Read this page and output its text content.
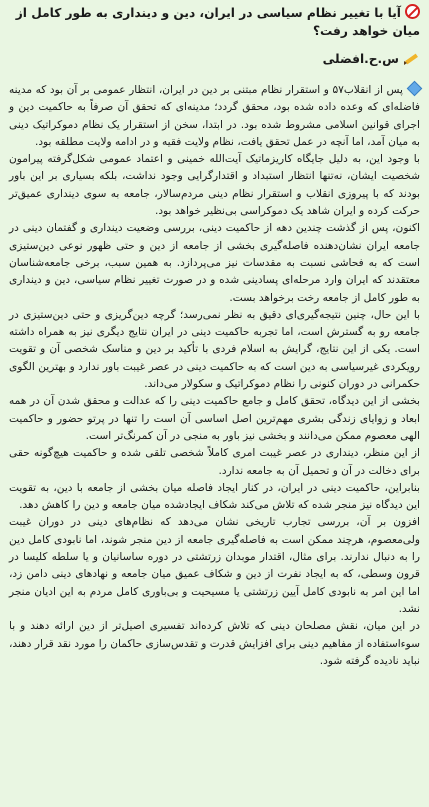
آیا با تغییر نظام سیاسی در ایران، دین و دینداری به طور کامل از میان خواهد رفت؟
س.ح.افضلی

پس از انقلاب۵۷ و استقرار نظام مبتنی بر دین در ایران، انتظار عمومی بر آن بود که مدینه فاضله‌ای که وعده داده شده بود، محقق گردد؛ مدینه‌ای که تحقق آن صرفاً به حاکمیت دین و اجرای قوانین اسلامی مشروط شده بود. در ابتدا، سخن از استقرار یک نظام دموکراتیک دینی به میان آمد، اما آنچه در عمل تحقق یافت، نظام ولایت فقیه و در ادامه ولایت مطلقه بود.

با وجود این، به دلیل جایگاه کاریزماتیک آیت‌الله خمینی و اعتماد عمومی شکل‌گرفته پیرامون شخصیت ایشان، نه‌تنها انتظار استبداد و اقتدارگرایی وجود نداشت، بلکه بسیاری بر این باور بودند که با پیروزی انقلاب و استقرار نظام دینی مردم‌سالار، جامعه به سوی دینداری عمیق‌تر حرکت کرده و ایران شاهد یک دموکراسی بی‌نظیر خواهد بود.

اکنون، پس از گذشت چندین دهه از حاکمیت دینی، بررسی وضعیت دینداری و گفتمان دینی در جامعه ایران نشان‌دهنده فاصله‌گیری بخشی از جامعه از دین و حتی ظهور نوعی دین‌ستیزی است که به فحاشی نسبت به مقدسات نیز می‌پردازد. به همین سبب، برخی جامعه‌شناسان معتقدند که ایران وارد مرحله‌ای پسادینی شده و در صورت تغییر نظام سیاسی، دین و دینداری به طور کامل از جامعه رخت برخواهد بست.

با این حال، چنین نتیجه‌گیری‌ای دقیق به نظر نمی‌رسد؛ گرچه دین‌گریزی و حتی دین‌ستیزی در جامعه رو به گسترش است، اما تجربه حاکمیت دینی در ایران نتایج دیگری نیز به همراه داشته است. یکی از این نتایج، گرایش به اسلام فردی با تأکید بر دین و مناسک شخصی آن و تقویت رویکردی غیرسیاسی به دین است که به حاکمیت دینی در عصر غیبت باور ندارد و بهترین الگوی حکمرانی در دوران کنونی را نظام دموکراتیک و سکولار می‌داند.

بخشی از این دیدگاه، تحقق کامل و جامع حاکمیت دینی را که عدالت و محقق شدن آن در همه ابعاد و زوایای زندگی بشری مهم‌ترین اصل اساسی آن است را تنها در پرتو حضور و حاکمیت الهی معصوم ممکن می‌دانند و بخشی نیز باور به منجی در آن کمرنگ‌تر است.

از این منظر، دینداری در عصر غیبت امری کاملاً شخصی تلقی شده و حاکمیت هیچ‌گونه حقی برای دخالت در آن و تحمیل آن به جامعه ندارد.

بنابراین، حاکمیت دینی در ایران، در کنار ایجاد فاصله میان بخشی از جامعه با دین، به تقویت این دیدگاه نیز منجر شده که تلاش می‌کند شکاف ایجادشده میان جامعه و دین را کاهش دهد.

افزون بر آن، بررسی تجارب تاریخی نشان می‌دهد که نظام‌های دینی در دوران غیبت ولی‌معصوم، هرچند ممکن است به فاصله‌گیری جامعه از دین منجر شوند، اما نابودی کامل دین را به دنبال ندارند. برای مثال، اقتدار موبدان زرتشتی در دوره ساسانیان و یا سلطه کلیسا در قرون وسطی، که به ایجاد نفرت از دین و شکاف عمیق میان جامعه و نهادهای دینی دامن زد، اما این امر به نابودی کامل آیین زرتشتی یا مسیحیت و بی‌باوری کامل مردم به این ادیان منجر نشد.

در این میان، نقش مصلحان دینی که تلاش کرده‌اند تفسیری اصیل‌تر از دین ارائه دهند و با سوءاستفاده از مفاهیم دینی برای افزایش قدرت و تقدس‌سازی حاکمان را مورد نقد قرار دهند، نباید نادیده گرفته شود.
